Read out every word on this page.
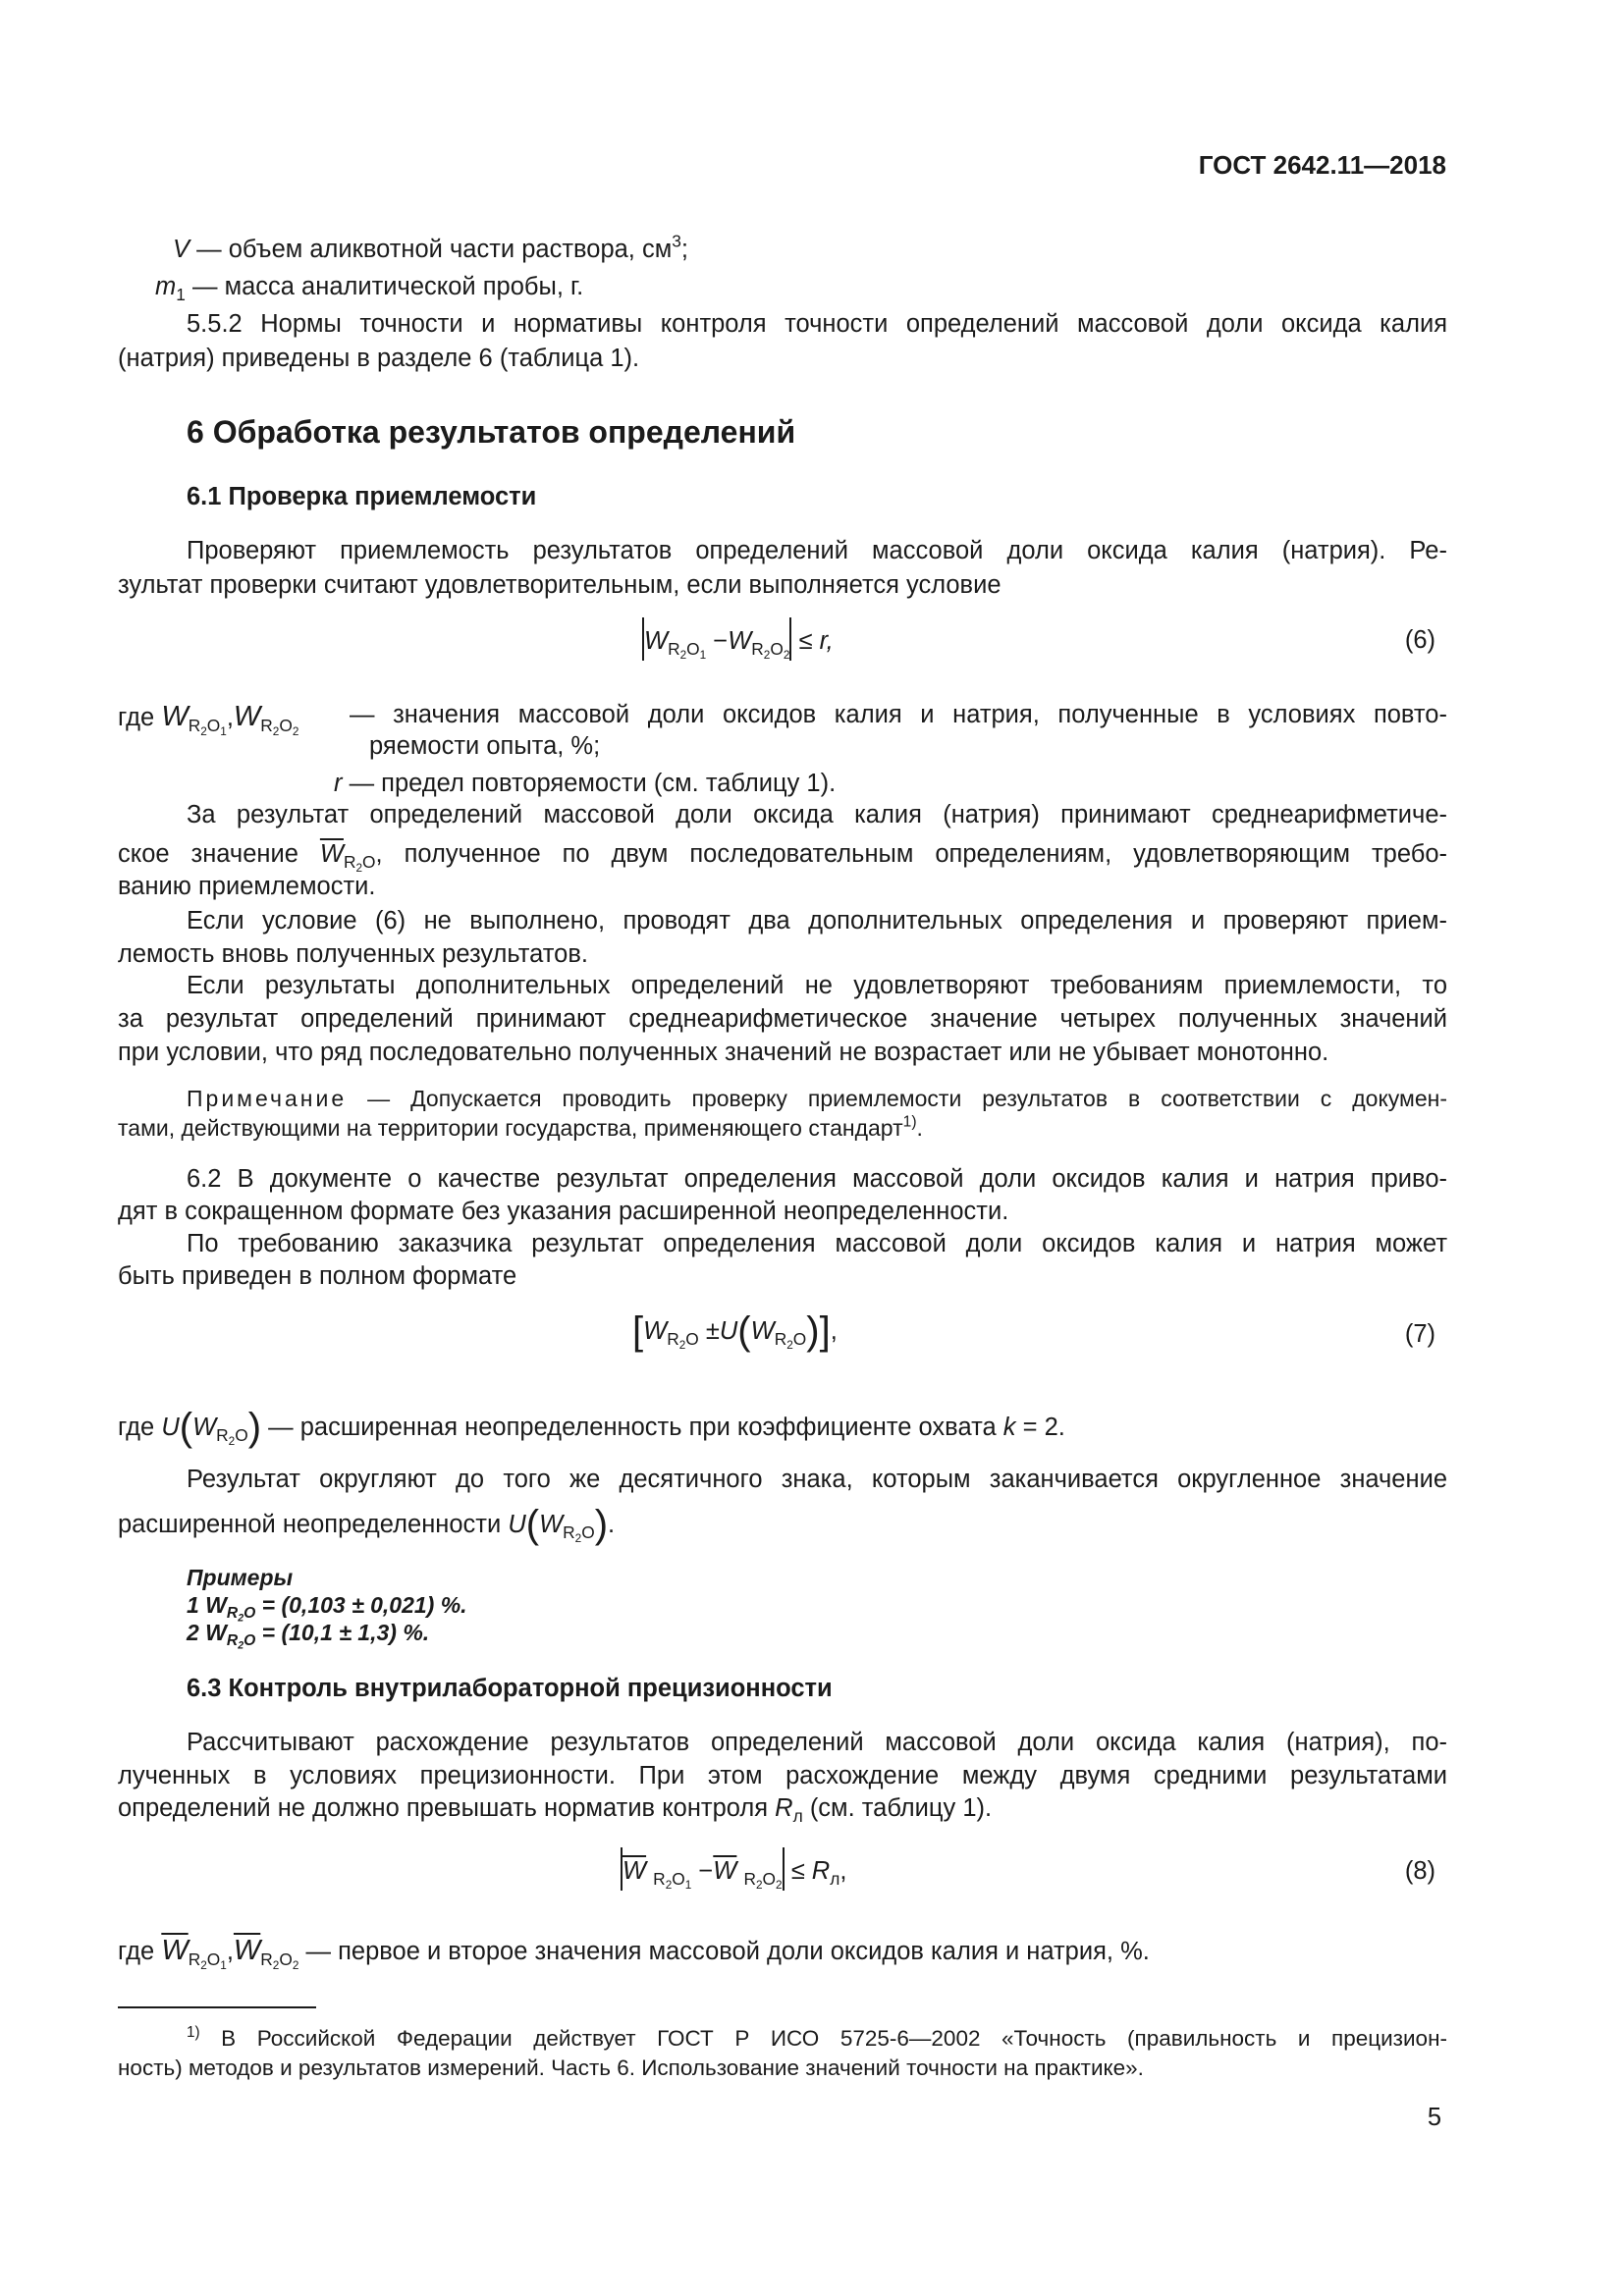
ГОСТ 2642.11—2018
V — объем аликвотной части раствора, $см^3$;
$m_1$ — масса аналитической пробы, г.
5.5.2 Нормы точности и нормативы контроля точности определений массовой доли оксида калия
(натрия) приведены в разделе 6 (таблица 1).
6 Обработка результатов определений
6.1 Проверка приемлемости
Проверяют приемлемость результатов определений массовой доли оксида калия (натрия). Ре-
зультат проверки считают удовлетворительным, если выполняется условие
$W_{R_2O_1} -W_{R_2O_2} \le r$,	(6)
где $W_{R_2O_1},W_{R_2O_2}$
— значения массовой доли оксидов калия и натрия, полученные в условиях повто-
ряемости опыта, %;
r — предел повторяемости (см. таблицу 1).
За результат определений массовой доли оксида калия (натрия) принимают среднеарифметиче-
ское значение $\overline{W}_{R_2O}$, полученное по двум последовательным определениям, удовлетворяющим требо-
ванию приемлемости.
Если условие (6) не выполнено, проводят два дополнительных определения и проверяют прием-
лемость вновь полученных результатов.
Если результаты дополнительных определений не удовлетворяют требованиям приемлемости, то
за результат определений принимают среднеарифметическое значение четырех полученных значений
при условии, что ряд последовательно полученных значений не возрастает или не убывает монотонно.
Примечание — Допускается проводить проверку приемлемости результатов в соответствии с докумен-
тами, действующими на территории государства, применяющего стандарт$^{1)}$.
6.2 В документе о качестве результат определения массовой доли оксидов калия и натрия приво-
дят в сокращенном формате без указания расширенной неопределенности.
По требованию заказчика результат определения массовой доли оксидов калия и натрия может
быть приведен в полном формате
$[W_{R_2O} \pm U(W_{R_2O})]$,	(7)
где $U(W_{R_2O})$ — расширенная неопределенность при коэффициенте охвата k = 2.
Результат округляют до того же десятичного знака, которым заканчивается округленное значение
расширенной неопределенности $U(W_{R_2O})$.
Примеры
1 $W_{R_2O} = (0,103 \pm 0,021)$ %.
2 $W_{R_2O} = (10,1 \pm 1,3)$ %.
6.3 Контроль внутрилабораторной прецизионности
Рассчитывают расхождение результатов определений массовой доли оксида калия (натрия), по-
лученных в условиях прецизионности. При этом расхождение между двумя средними результатами
определений не должно превышать норматив контроля $R_л$ (см. таблицу 1).
$\overline{W}$ $_{R_2O_1} -\overline{W}$ $_{R_2O_2} \le R_л$,	(8)
где $\overline{W}_{R_2O_1},\overline{W}_{R_2O_2}$ — первое и второе значения массовой доли оксидов калия и натрия, %.
$^{1)}$ В Российской Федерации действует ГОСТ Р ИСО 5725-6—2002 «Точность (правильность и прецизион-
ность) методов и результатов измерений. Часть 6. Использование значений точности на практике».
5
